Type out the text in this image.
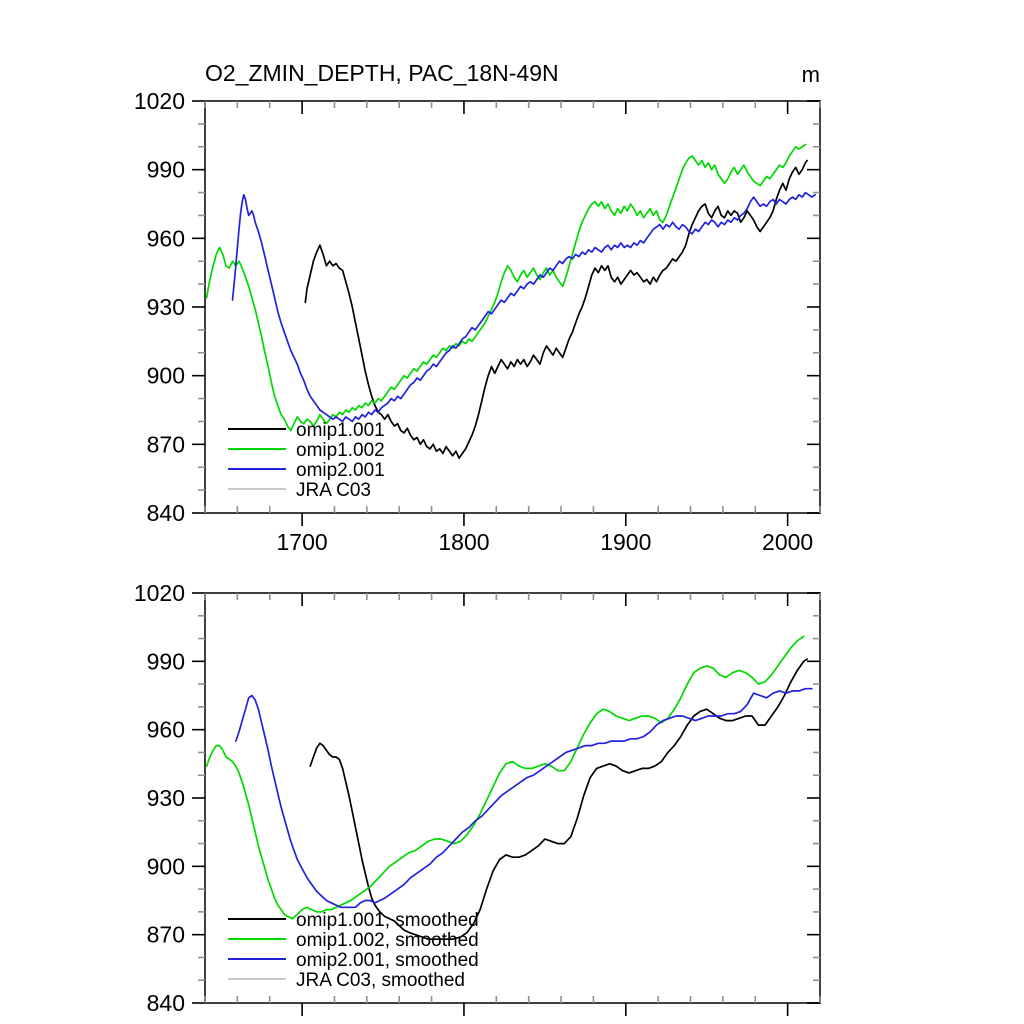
O2_ZMIN_DEPTH, PAC_18N-49N	m
840
870
900
930
960
990
1020
1700	1800	1900	2000
omip1.001
omip1.002
omip2.001
JRA C03
840
870
900
930
960
990
1020
omip1.001, smoothed
omip1.002, smoothed
omip2.001, smoothed
JRA C03, smoothed
